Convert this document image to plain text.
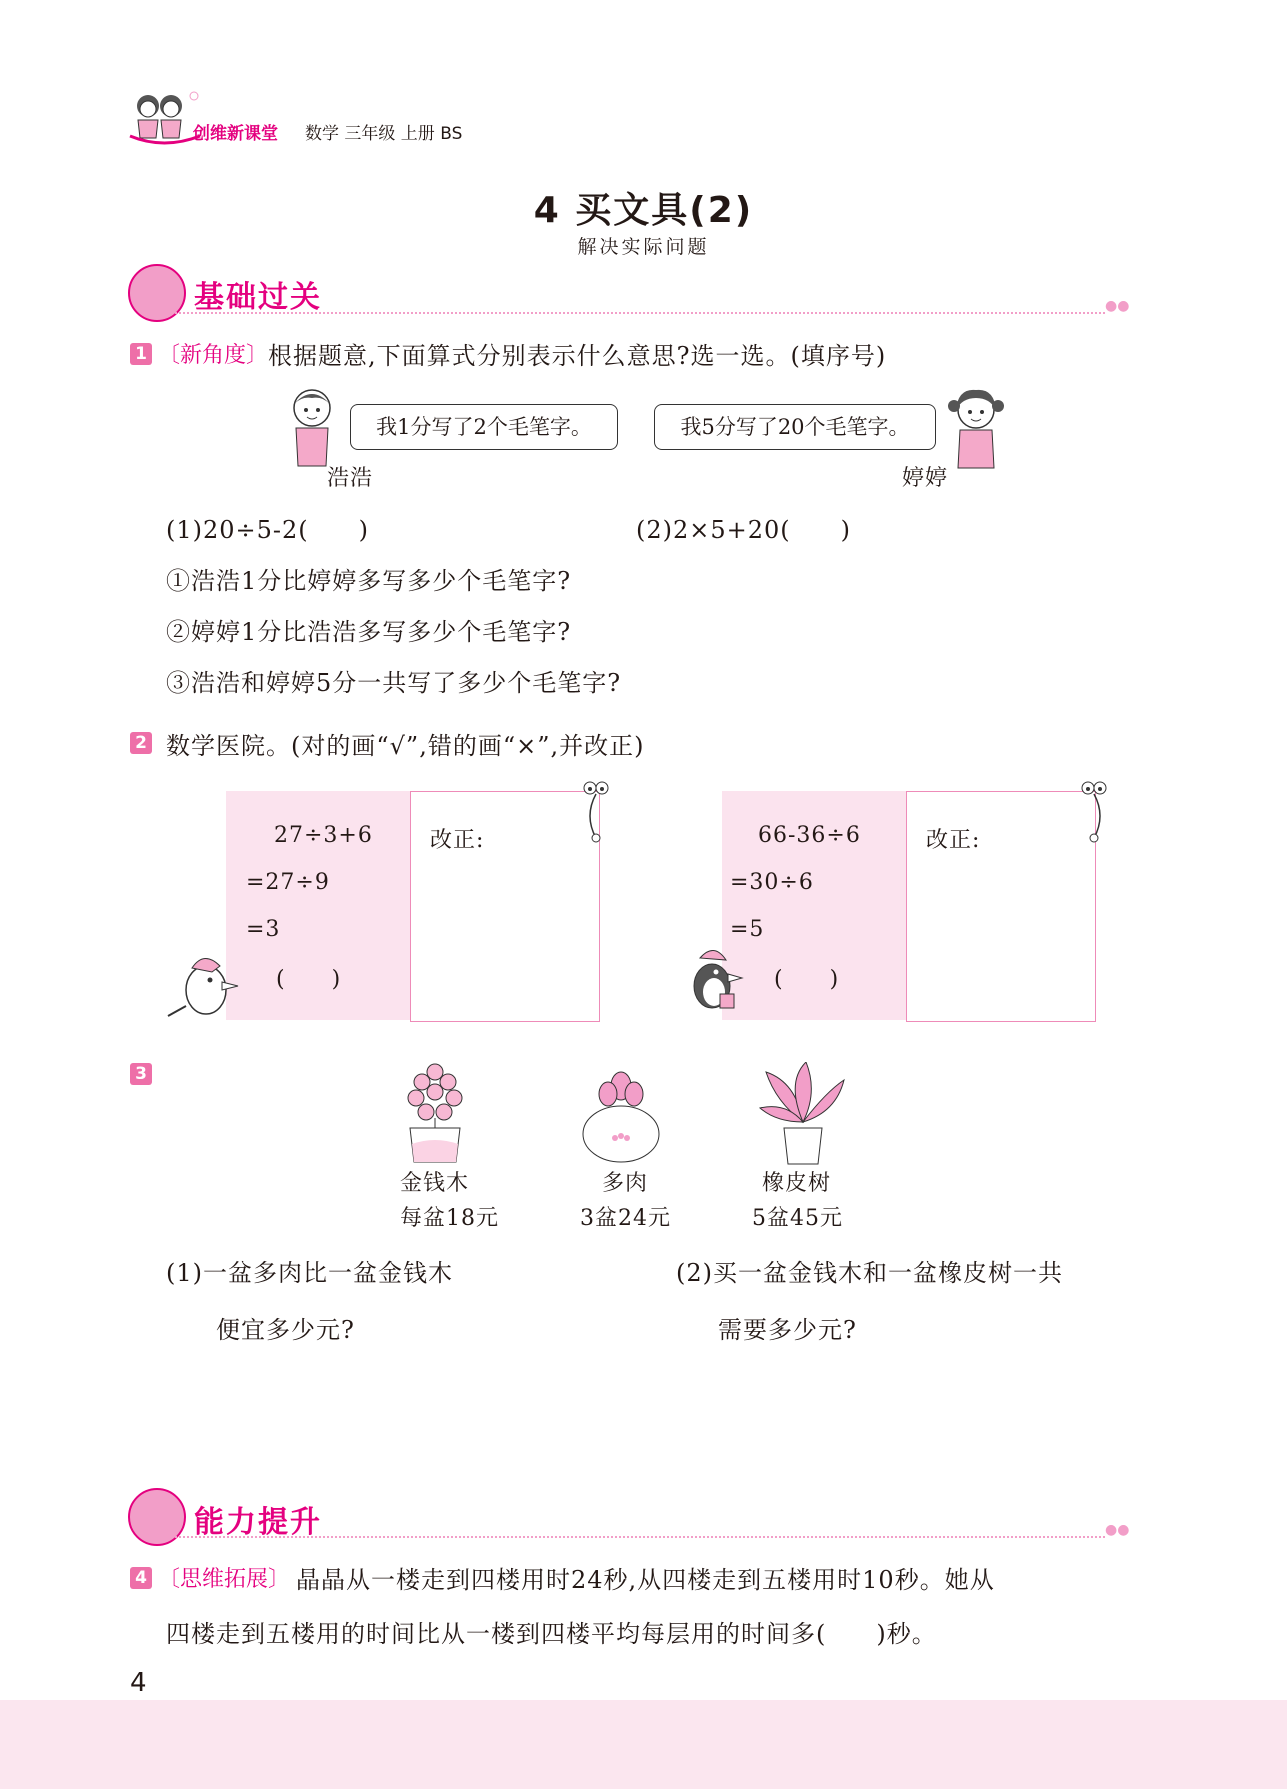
创维新课堂 数学 三年级 上册 BS
4 买文具(2)
解决实际问题
基础过关	●●
1 〔新角度〕 根据题意,下面算式分别表示什么意思?选一选。(填序号)
我1分写了2个毛笔字。
浩浩
我5分写了20个毛笔字。
婷婷
(1)20÷5-2(　　)	(2)2×5+20(　　)
①浩浩1分比婷婷多写多少个毛笔字?
②婷婷1分比浩浩多写多少个毛笔字?
③浩浩和婷婷5分一共写了多少个毛笔字?
2 数学医院。(对的画“√”,错的画“×”,并改正)
27÷3+6
=27÷9
=3
(　　)
改正:	66-36÷6
=30÷6
=5
(　　)
改正:
3
金钱木
每盆18元
多肉
3盆24元
橡皮树
5盆45元
(1)一盆多肉比一盆金钱木
便宜多少元?
(2)买一盆金钱木和一盆橡皮树一共
需要多少元?
能力提升	●●
4 〔思维拓展〕 晶晶从一楼走到四楼用时24秒,从四楼走到五楼用时10秒。她从
四楼走到五楼用的时间比从一楼到四楼平均每层用的时间多(　　)秒。
4
